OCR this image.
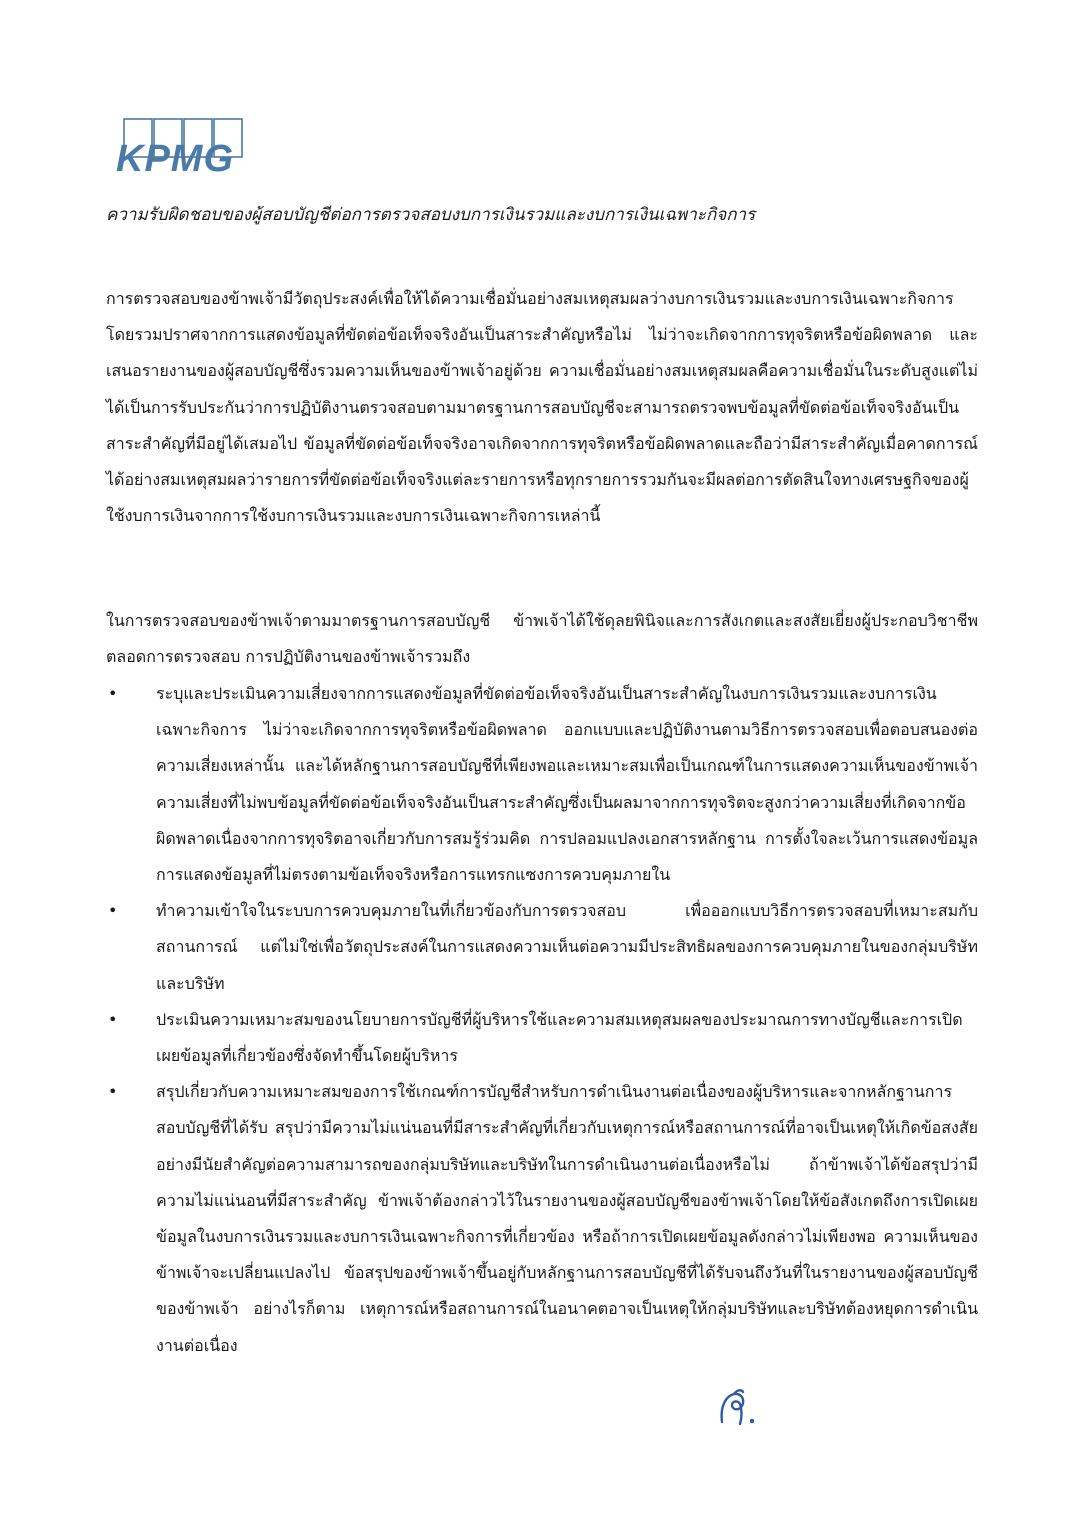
KPMG
ความรับผิดชอบของผู้สอบบัญชีต่อการตรวจสอบงบการเงินรวมและงบการเงินเฉพาะกิจการ

การตรวจสอบของข้าพเจ้ามีวัตถุประสงค์เพื่อให้ได้ความเชื่อมั่นอย่างสมเหตุสมผลว่างบการเงินรวมและงบการเงินเฉพาะกิจการ โดยรวมปราศจากการแสดงข้อมูลที่ขัดต่อข้อเท็จจริงอันเป็นสาระสำคัญหรือไม่ ไม่ว่าจะเกิดจากการทุจริตหรือข้อผิดพลาด และเสนอรายงานของผู้สอบบัญชีซึ่งรวมความเห็นของข้าพเจ้าอยู่ด้วย ความเชื่อมั่นอย่างสมเหตุสมผลคือความเชื่อมั่นในระดับสูงแต่ไม่ได้เป็นการรับประกันว่าการปฏิบัติงานตรวจสอบตามมาตรฐานการสอบบัญชีจะสามารถตรวจพบข้อมูลที่ขัดต่อข้อเท็จจริงอันเป็นสาระสำคัญที่มีอยู่ได้เสมอไป ข้อมูลที่ขัดต่อข้อเท็จจริงอาจเกิดจากการทุจริตหรือข้อผิดพลาดและถือว่ามีสาระสำคัญเมื่อคาดการณ์ได้อย่างสมเหตุสมผลว่ารายการที่ขัดต่อข้อเท็จจริงแต่ละรายการหรือทุกรายการรวมกันจะมีผลต่อการตัดสินใจทางเศรษฐกิจของผู้ใช้งบการเงินจากการใช้งบการเงินรวมและงบการเงินเฉพาะกิจการเหล่านี้

ในการตรวจสอบของข้าพเจ้าตามมาตรฐานการสอบบัญชี ข้าพเจ้าได้ใช้ดุลยพินิจและการสังเกตและสงสัยเยี่ยงผู้ประกอบวิชาชีพตลอดการตรวจสอบ การปฏิบัติงานของข้าพเจ้ารวมถึง

•	ระบุและประเมินความเสี่ยงจากการแสดงข้อมูลที่ขัดต่อข้อเท็จจริงอันเป็นสาระสำคัญในงบการเงินรวมและงบการเงินเฉพาะกิจการ ไม่ว่าจะเกิดจากการทุจริตหรือข้อผิดพลาด ออกแบบและปฏิบัติงานตามวิธีการตรวจสอบเพื่อตอบสนองต่อความเสี่ยงเหล่านั้น และได้หลักฐานการสอบบัญชีที่เพียงพอและเหมาะสมเพื่อเป็นเกณฑ์ในการแสดงความเห็นของข้าพเจ้า ความเสี่ยงที่ไม่พบข้อมูลที่ขัดต่อข้อเท็จจริงอันเป็นสาระสำคัญซึ่งเป็นผลมาจากการทุจริตจะสูงกว่าความเสี่ยงที่เกิดจากข้อผิดพลาดเนื่องจากการทุจริตอาจเกี่ยวกับการสมรู้ร่วมคิด การปลอมแปลงเอกสารหลักฐาน การตั้งใจละเว้นการแสดงข้อมูล การแสดงข้อมูลที่ไม่ตรงตามข้อเท็จจริงหรือการแทรกแซงการควบคุมภายใน
•	ทำความเข้าใจในระบบการควบคุมภายในที่เกี่ยวข้องกับการตรวจสอบ เพื่อออกแบบวิธีการตรวจสอบที่เหมาะสมกับสถานการณ์ แต่ไม่ใช่เพื่อวัตถุประสงค์ในการแสดงความเห็นต่อความมีประสิทธิผลของการควบคุมภายในของกลุ่มบริษัทและบริษัท
•	ประเมินความเหมาะสมของนโยบายการบัญชีที่ผู้บริหารใช้และความสมเหตุสมผลของประมาณการทางบัญชีและการเปิดเผยข้อมูลที่เกี่ยวข้องซึ่งจัดทำขึ้นโดยผู้บริหาร
•	สรุปเกี่ยวกับความเหมาะสมของการใช้เกณฑ์การบัญชีสำหรับการดำเนินงานต่อเนื่องของผู้บริหารและจากหลักฐานการสอบบัญชีที่ได้รับ สรุปว่ามีความไม่แน่นอนที่มีสาระสำคัญที่เกี่ยวกับเหตุการณ์หรือสถานการณ์ที่อาจเป็นเหตุให้เกิดข้อสงสัยอย่างมีนัยสำคัญต่อความสามารถของกลุ่มบริษัทและบริษัทในการดำเนินงานต่อเนื่องหรือไม่ ถ้าข้าพเจ้าได้ข้อสรุปว่ามีความไม่แน่นอนที่มีสาระสำคัญ ข้าพเจ้าต้องกล่าวไว้ในรายงานของผู้สอบบัญชีของข้าพเจ้าโดยให้ข้อสังเกตถึงการเปิดเผยข้อมูลในงบการเงินรวมและงบการเงินเฉพาะกิจการที่เกี่ยวข้อง หรือถ้าการเปิดเผยข้อมูลดังกล่าวไม่เพียงพอ ความเห็นของข้าพเจ้าจะเปลี่ยนแปลงไป ข้อสรุปของข้าพเจ้าขึ้นอยู่กับหลักฐานการสอบบัญชีที่ได้รับจนถึงวันที่ในรายงานของผู้สอบบัญชีของข้าพเจ้า อย่างไรก็ตาม เหตุการณ์หรือสถานการณ์ในอนาคตอาจเป็นเหตุให้กลุ่มบริษัทและบริษัทต้องหยุดการดำเนินงานต่อเนื่อง
